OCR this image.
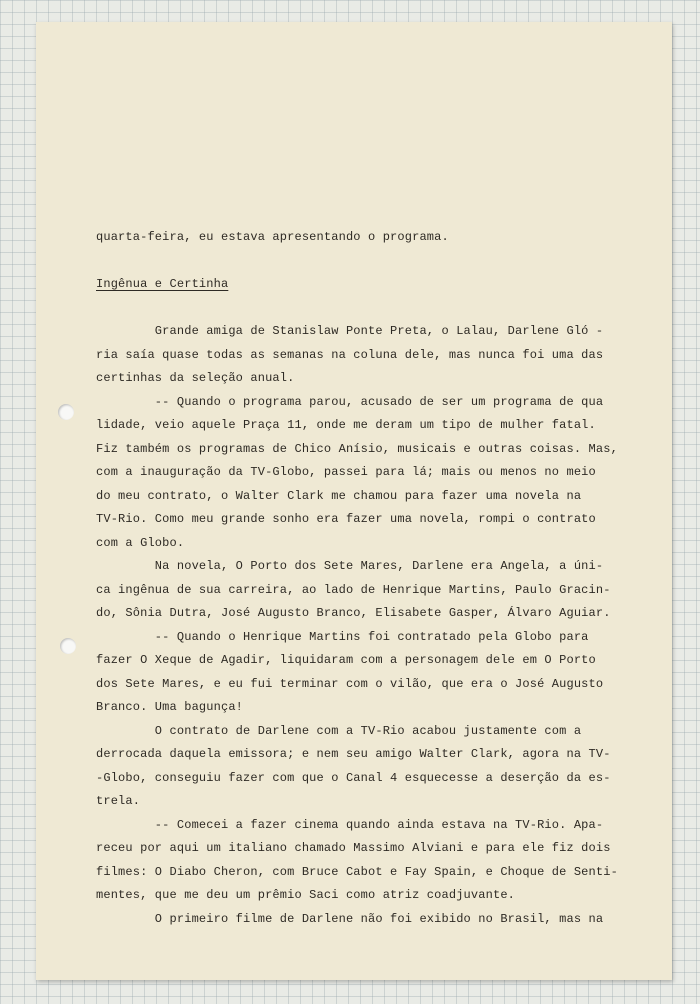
quarta-feira, eu estava apresentando o programa.
Ingênua e Certinha
Grande amiga de Stanislaw Ponte Preta, o Lalau, Darlene Gló -
ria saía quase todas as semanas na coluna dele, mas nunca foi uma das
certinhas da seleção anual.
-- Quando o programa parou, acusado de ser um programa de qua
lidade, veio aquele Praça 11, onde me deram um tipo de mulher fatal.
Fiz também os programas de Chico Anísio, musicais e outras coisas. Mas,
com a inauguração da TV-Globo, passei para lá; mais ou menos no meio
do meu contrato, o Walter Clark me chamou para fazer uma novela na
TV-Rio. Como meu grande sonho era fazer uma novela, rompi o contrato
com a Globo.
Na novela, O Porto dos Sete Mares, Darlene era Angela, a úni-
ca ingênua de sua carreira, ao lado de Henrique Martins, Paulo Gracin-
do, Sônia Dutra, José Augusto Branco, Elisabete Gasper, Álvaro Aguiar.
-- Quando o Henrique Martins foi contratado pela Globo para
fazer O Xeque de Agadir, liquidaram com a personagem dele em O Porto
dos Sete Mares, e eu fui terminar com o vilão, que era o José Augusto
Branco. Uma bagunça!
O contrato de Darlene com a TV-Rio acabou justamente com a
derrocada daquela emissora; e nem seu amigo Walter Clark, agora na TV-
-Globo, conseguiu fazer com que o Canal 4 esquecesse a deserção da es-
trela.
-- Comecei a fazer cinema quando ainda estava na TV-Rio. Apa-
receu por aqui um italiano chamado Massimo Alviani e para ele fiz dois
filmes: O Diabo Cheron, com Bruce Cabot e Fay Spain, e Choque de Senti-
mentes, que me deu um prêmio Saci como atriz coadjuvante.
O primeiro filme de Darlene não foi exibido no Brasil, mas na
